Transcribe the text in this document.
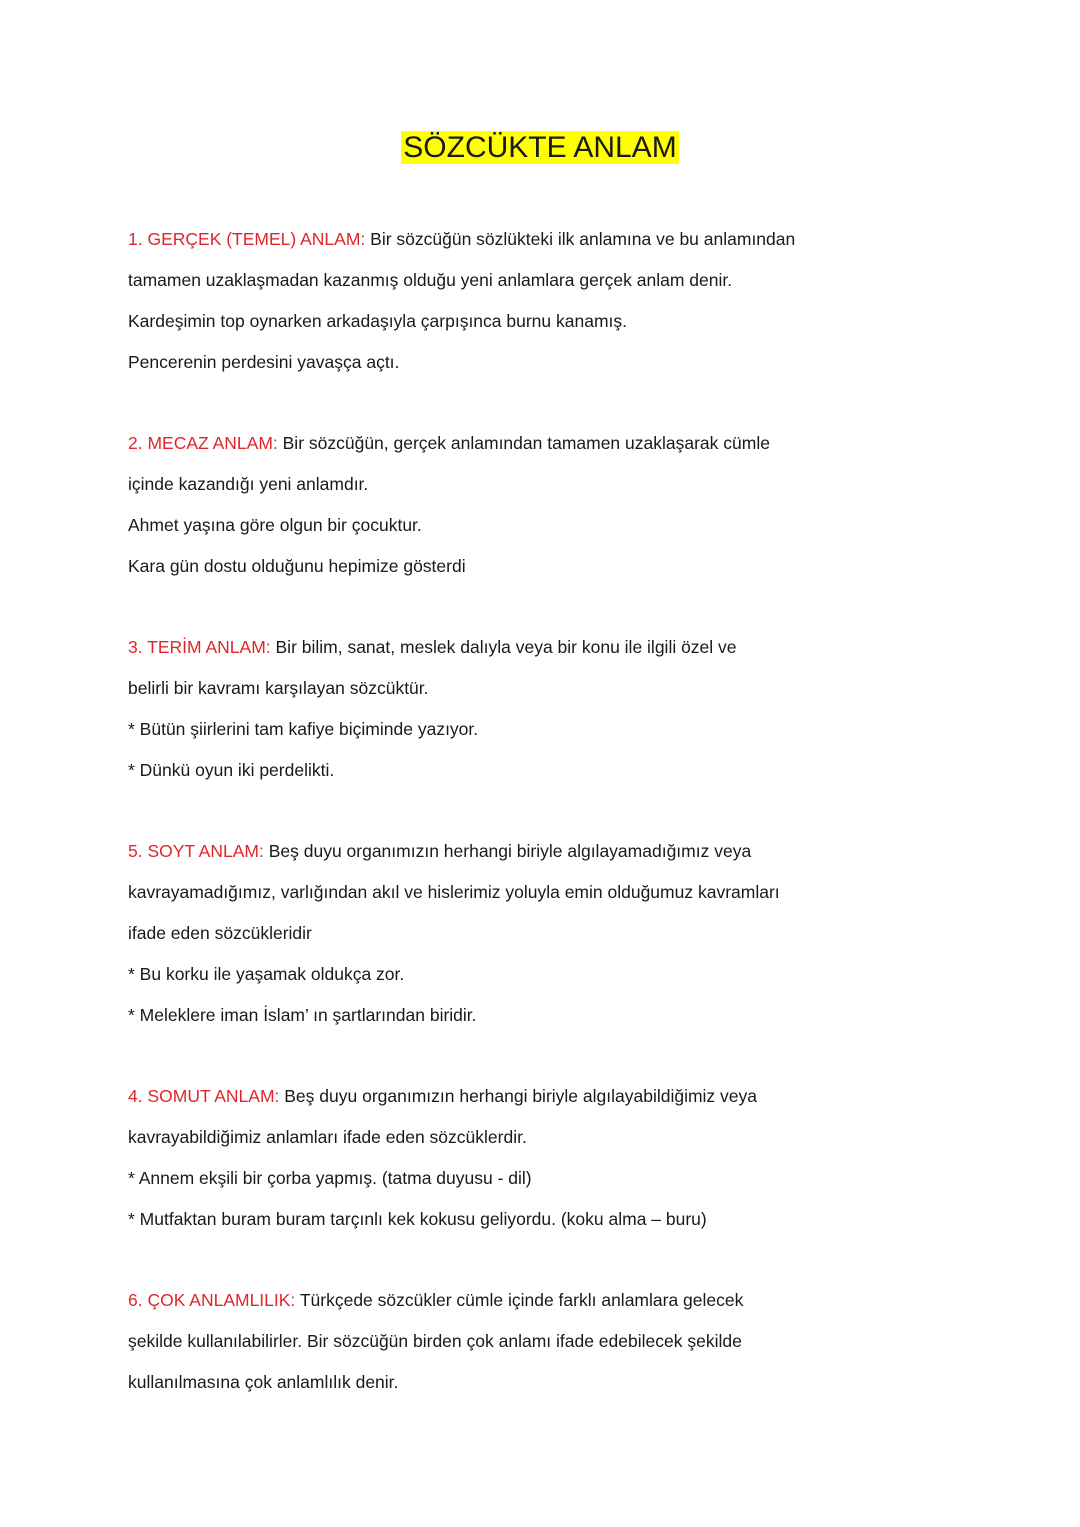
SÖZCÜKTE ANLAM
1. GERÇEK (TEMEL) ANLAM: Bir sözcüğün sözlükteki ilk anlamına ve bu anlamından
tamamen uzaklaşmadan kazanmış olduğu yeni anlamlara gerçek anlam denir.
Kardeşimin top oynarken arkadaşıyla çarpışınca burnu kanamış.
Pencerenin perdesini yavaşça açtı.
2. MECAZ ANLAM: Bir sözcüğün, gerçek anlamından tamamen uzaklaşarak cümle
içinde kazandığı yeni anlamdır.
Ahmet yaşına göre olgun bir çocuktur.
Kara gün dostu olduğunu hepimize gösterdi
3. TERİM ANLAM: Bir bilim, sanat, meslek dalıyla veya bir konu ile ilgili özel ve
belirli bir kavramı karşılayan sözcüktür.
* Bütün şiirlerini tam kafiye biçiminde yazıyor.
* Dünkü oyun iki perdelikti.
5. SOYT ANLAM: Beş duyu organımızın herhangi biriyle algılayamadığımız veya
kavrayamadığımız, varlığından akıl ve hislerimiz yoluyla emin olduğumuz kavramları
ifade eden sözcükleridir
* Bu korku ile yaşamak oldukça zor.
* Meleklere iman İslam’ ın şartlarından biridir.
4. SOMUT ANLAM: Beş duyu organımızın herhangi biriyle algılayabildiğimiz veya
kavrayabildiğimiz anlamları ifade eden sözcüklerdir.
* Annem ekşili bir çorba yapmış. (tatma duyusu - dil)
* Mutfaktan buram buram tarçınlı kek kokusu geliyordu. (koku alma – buru)
6. ÇOK ANLAMLILIK: Türkçede sözcükler cümle içinde farklı anlamlara gelecek
şekilde kullanılabilirler. Bir sözcüğün birden çok anlamı ifade edebilecek şekilde
kullanılmasına çok anlamlılık denir.
